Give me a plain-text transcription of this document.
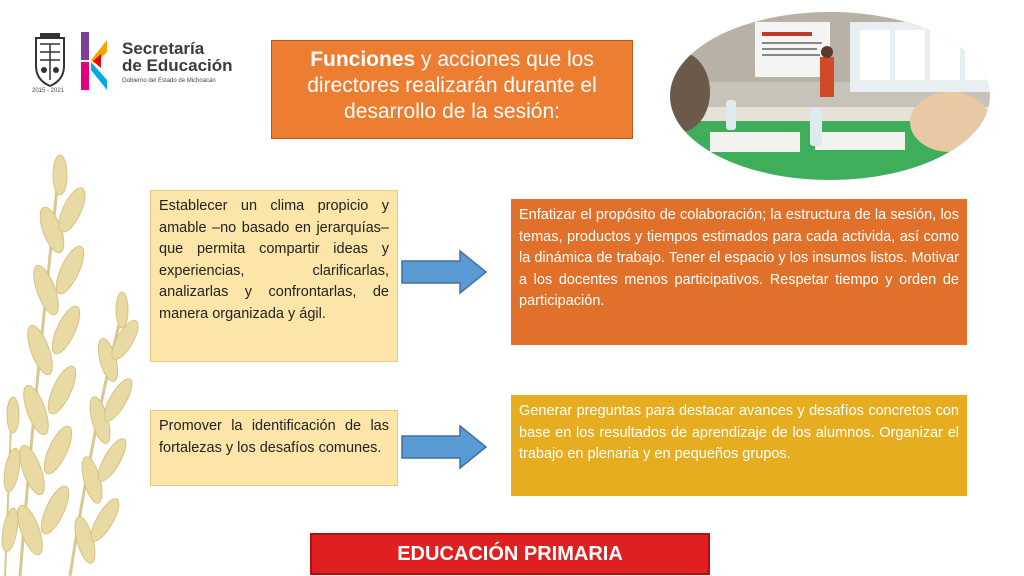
2015 - 2021
Secretaría
de Educación
Gobierno del Estado de Michoacán
Funciones y acciones que los directores realizarán durante el desarrollo de la sesión:
Establecer un clima propicio y amable –no basado en jerarquías– que permita compartir ideas y experiencias, clarificarlas, analizarlas y confrontarlas, de manera organizada y ágil.
Promover la identificación de las fortalezas y los desafíos comunes.
Enfatizar el propósito de colaboración; la estructura de la sesión, los temas, productos y tiempos estimados para cada activida, así como la dinámica de trabajo. Tener el espacio y los insumos listos. Motivar a los docentes menos participativos. Respetar tiempo y orden de participación.
Generar preguntas para destacar avances y desafíos concretos con base en los resultados de aprendizaje de los alumnos. Organizar el trabajo en plenaria y en pequeños grupos.
EDUCACIÓN PRIMARIA
